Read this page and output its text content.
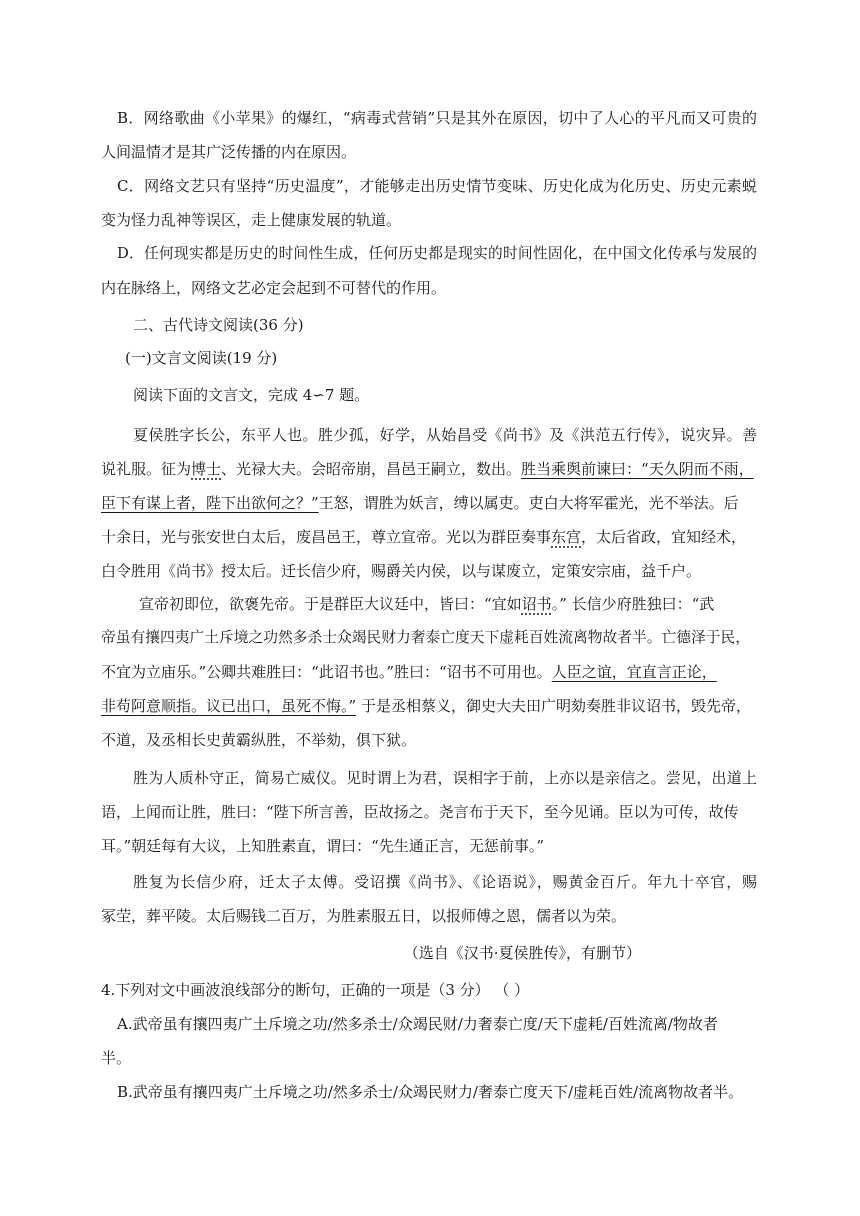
B．网络歌曲《小苹果》的爆红，“病毒式营销”只是其外在原因，切中了人心的平凡而又可贵的
人间温情才是其广泛传播的内在原因。
C．网络文艺只有坚持“历史温度”，才能够走出历史情节变味、历史化成为化历史、历史元素蜕
变为怪力乱神等误区，走上健康发展的轨道。
D．任何现实都是历史的时间性生成，任何历史都是现实的时间性固化，在中国文化传承与发展的
内在脉络上，网络文艺必定会起到不可替代的作用。
二、古代诗文阅读(36 分)
(一)文言文阅读(19 分)
阅读下面的文言文，完成 4∽7 题。
夏侯胜字长公，东平人也。胜少孤，好学，从始昌受《尚书》及《洪范五行传》，说灾异。善
说礼服。征为博士、光禄大夫。会昭帝崩，昌邑王嗣立，数出。胜当乘舆前谏曰：“天久阴而不雨，
臣下有谋上者，陛下出欲何之？”王怒，谓胜为妖言，缚以属吏。吏白大将军霍光，光不举法。后
十余日，光与张安世白太后，废昌邑王，尊立宣帝。光以为群臣奏事东宫，太后省政，宜知经术，
白令胜用《尚书》授太后。迁长信少府，赐爵关内侯，以与谋废立，定策安宗庙，益千户。
宣帝初即位，欲褒先帝。于是群臣大议廷中，皆曰：“宜如诏书。” 长信少府胜独曰：“武
帝虽有攘四夷广土斥境之功然多杀士众竭民财力奢泰亡度天下虚耗百姓流离物故者半。亡德泽于民，
不宜为立庙乐。”公卿共难胜曰：“此诏书也。”胜曰：“诏书不可用也。人臣之谊，宜直言正论，
非苟阿意顺指。议已出口，虽死不悔。” 于是丞相蔡义，御史大夫田广明劾奏胜非议诏书，毁先帝，
不道，及丞相长史黄霸纵胜，不举劾，俱下狱。
胜为人质朴守正，简易亡威仪。见时谓上为君，误相字于前，上亦以是亲信之。尝见，出道上
语，上闻而让胜，胜曰：“陛下所言善，臣故扬之。尧言布于天下，至今见诵。臣以为可传，故传
耳。”朝廷每有大议，上知胜素直，谓曰：“先生通正言，无惩前事。”
胜复为长信少府，迁太子太傅。受诏撰《尚书》、《论语说》，赐黄金百斤。年九十卒官，赐
冢茔，葬平陵。太后赐钱二百万，为胜素服五日，以报师傅之恩，儒者以为荣。
（选自《汉书·夏侯胜传》，有删节）
4.下列对文中画波浪线部分的断句，正确的一项是（3 分） （ ）
A.武帝虽有攘四夷广土斥境之功/然多杀士/众竭民财/力奢泰亡度/天下虚耗/百姓流离/物故者
半。
B.武帝虽有攘四夷广土斥境之功/然多杀士/众竭民财力/奢泰亡度天下/虚耗百姓/流离物故者半。
